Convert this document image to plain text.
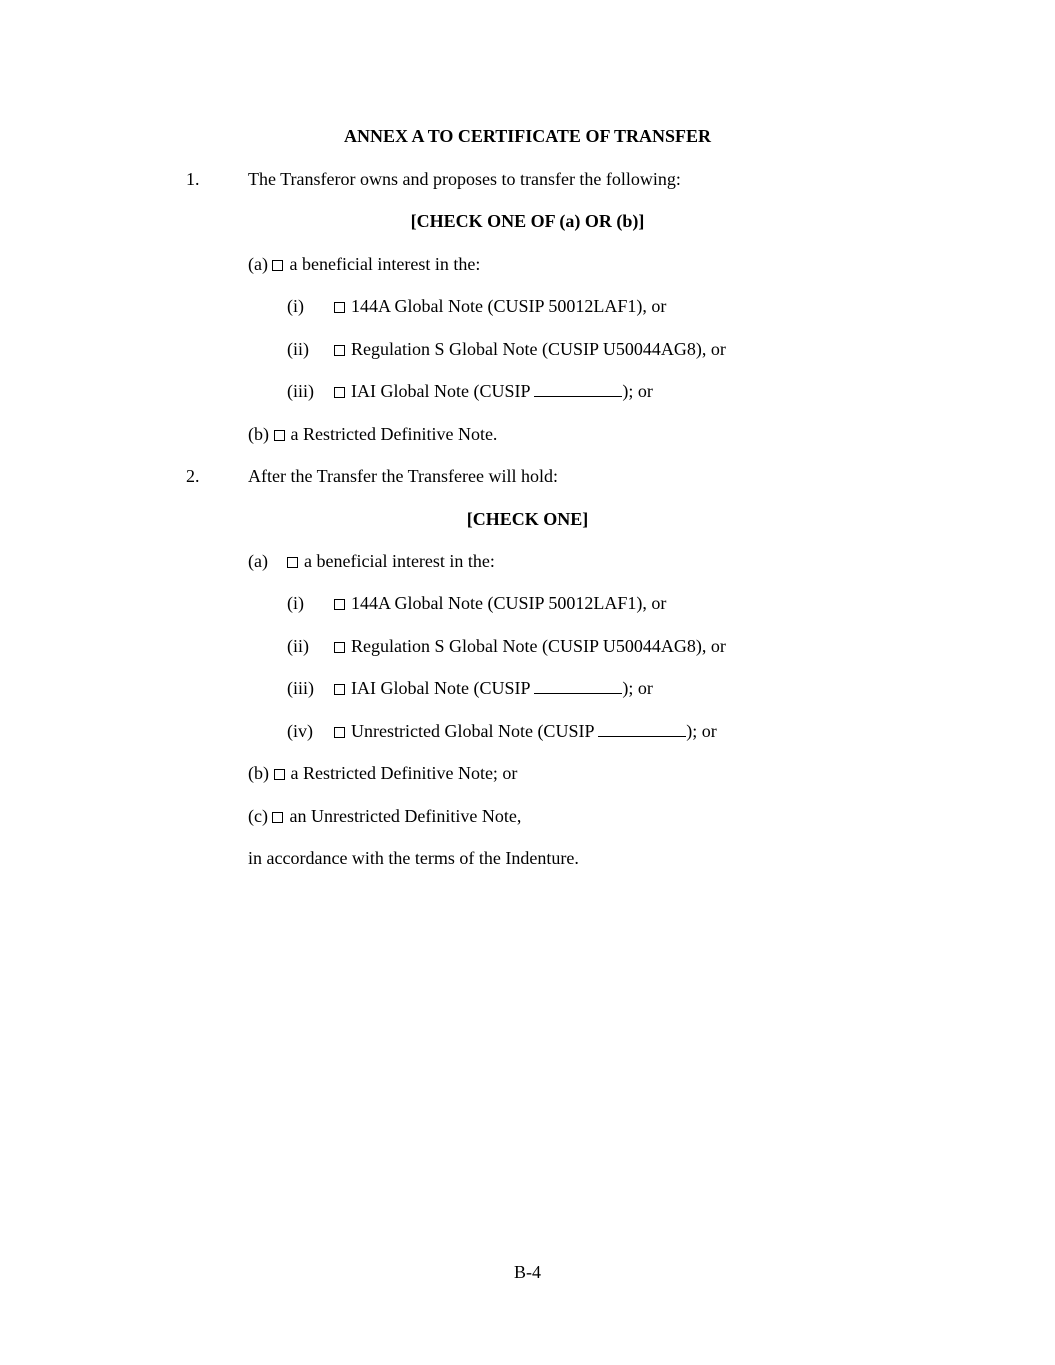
ANNEX A TO CERTIFICATE OF TRANSFER
1.	The Transferor owns and proposes to transfer the following:
[CHECK ONE OF (a) OR (b)]
(a) a beneficial interest in the:
(i)	144A Global Note (CUSIP 50012LAF1), or
(ii)	Regulation S Global Note (CUSIP U50044AG8), or
(iii)	IAI Global Note (CUSIP	); or
(b) a Restricted Definitive Note.
2.	After the Transfer the Transferee will hold:
[CHECK ONE]
(a)	a beneficial interest in the:
(i)	144A Global Note (CUSIP 50012LAF1), or
(ii)	Regulation S Global Note (CUSIP U50044AG8), or
(iii)	IAI Global Note (CUSIP	); or
(iv)	Unrestricted Global Note (CUSIP	); or
(b) a Restricted Definitive Note; or
(c) an Unrestricted Definitive Note,
in accordance with the terms of the Indenture.
B-4
